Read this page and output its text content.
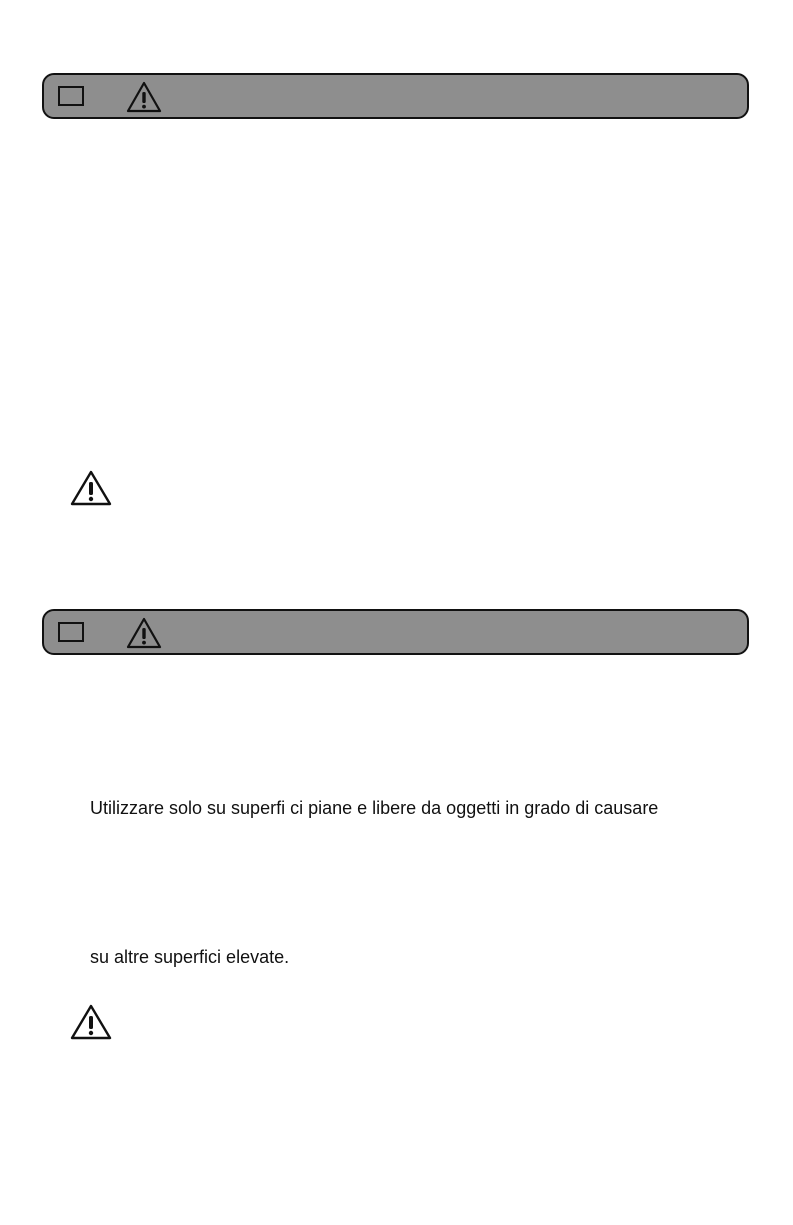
Utilizzare solo su superfi ci piane e libere da oggetti in grado di causare

su altre superfici elevate.
